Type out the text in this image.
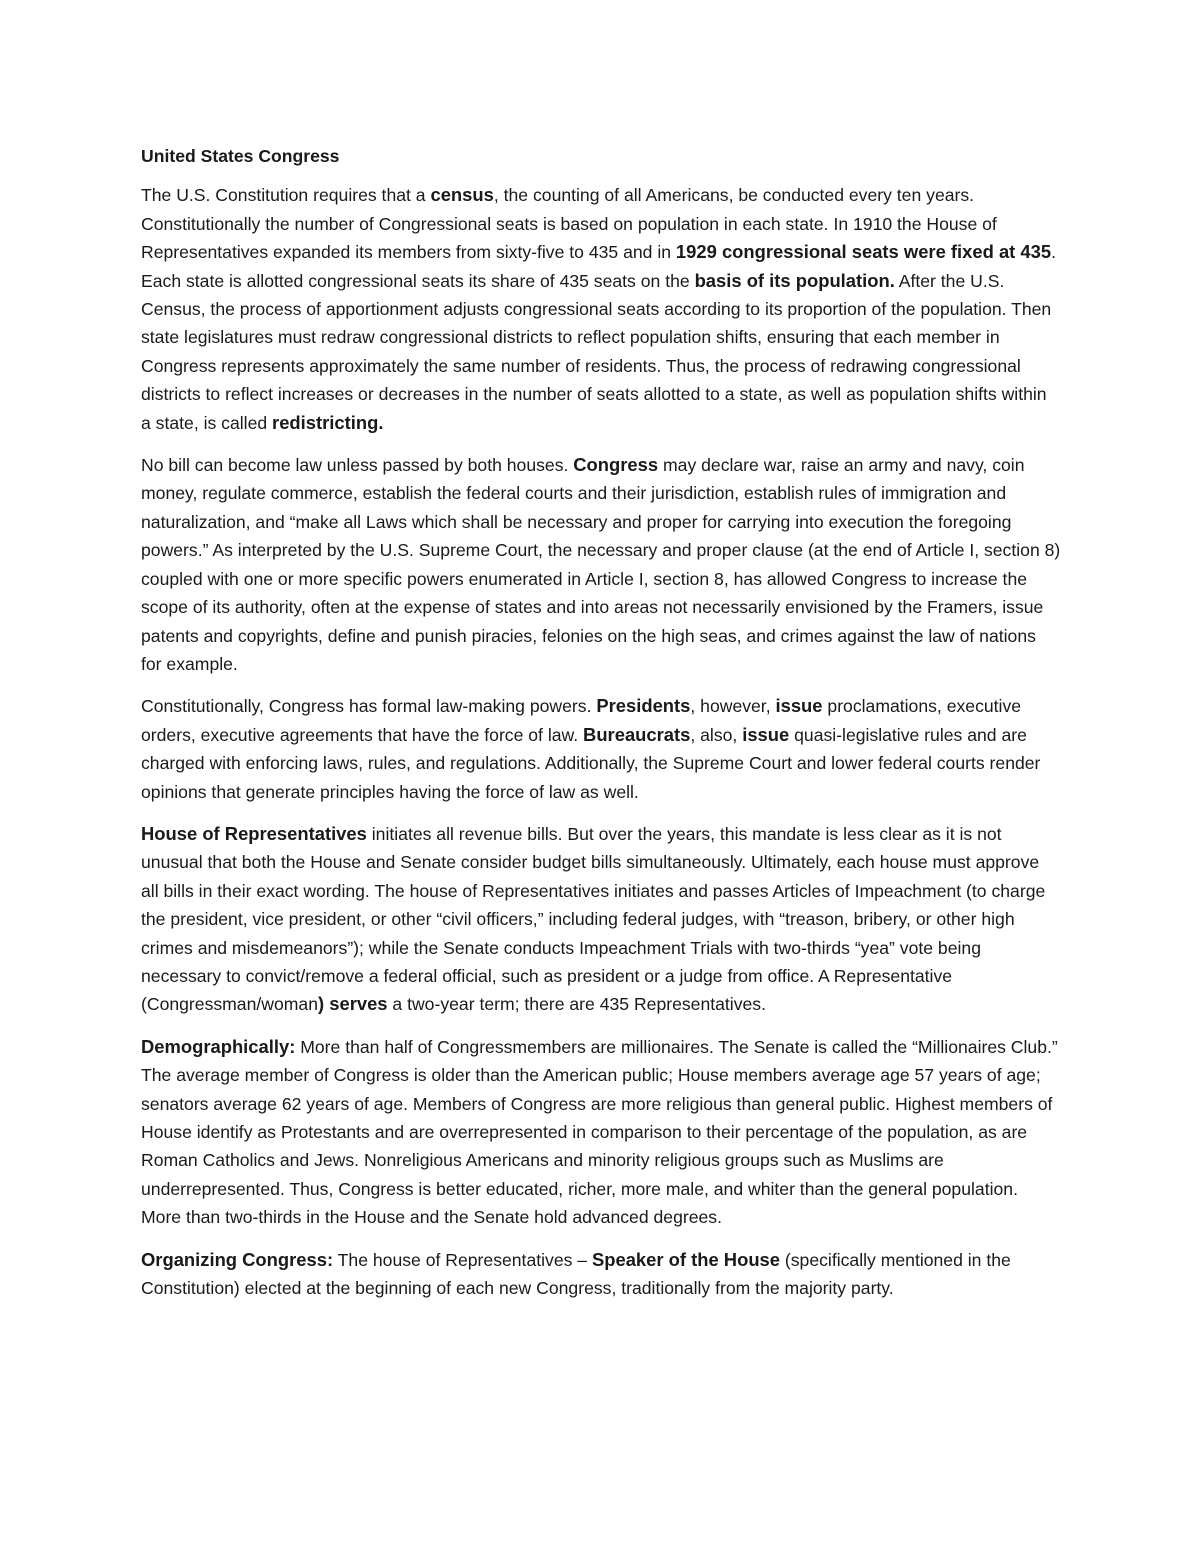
United States Congress

The U.S. Constitution requires that a census, the counting of all Americans, be conducted every ten years. Constitutionally the number of Congressional seats is based on population in each state. In 1910 the House of Representatives expanded its members from sixty-five to 435 and in 1929 congressional seats were fixed at 435. Each state is allotted congressional seats its share of 435 seats on the basis of its population. After the U.S. Census, the process of apportionment adjusts congressional seats according to its proportion of the population. Then state legislatures must redraw congressional districts to reflect population shifts, ensuring that each member in Congress represents approximately the same number of residents. Thus, the process of redrawing congressional districts to reflect increases or decreases in the number of seats allotted to a state, as well as population shifts within a state, is called redistricting.

No bill can become law unless passed by both houses. Congress may declare war, raise an army and navy, coin money, regulate commerce, establish the federal courts and their jurisdiction, establish rules of immigration and naturalization, and “make all Laws which shall be necessary and proper for carrying into execution the foregoing powers.” As interpreted by the U.S. Supreme Court, the necessary and proper clause (at the end of Article I, section 8) coupled with one or more specific powers enumerated in Article I, section 8, has allowed Congress to increase the scope of its authority, often at the expense of states and into areas not necessarily envisioned by the Framers, issue patents and copyrights, define and punish piracies, felonies on the high seas, and crimes against the law of nations for example.

Constitutionally, Congress has formal law-making powers. Presidents, however, issue proclamations, executive orders, executive agreements that have the force of law. Bureaucrats, also, issue quasi-legislative rules and are charged with enforcing laws, rules, and regulations. Additionally, the Supreme Court and lower federal courts render opinions that generate principles having the force of law as well.

House of Representatives initiates all revenue bills. But over the years, this mandate is less clear as it is not unusual that both the House and Senate consider budget bills simultaneously. Ultimately, each house must approve all bills in their exact wording. The house of Representatives initiates and passes Articles of Impeachment (to charge the president, vice president, or other “civil officers,” including federal judges, with “treason, bribery, or other high crimes and misdemeanors”); while the Senate conducts Impeachment Trials with two-thirds “yea” vote being necessary to convict/remove a federal official, such as president or a judge from office. A Representative (Congressman/woman) serves a two-year term; there are 435 Representatives.

Demographically: More than half of Congressmembers are millionaires. The Senate is called the “Millionaires Club.” The average member of Congress is older than the American public; House members average age 57 years of age; senators average 62 years of age. Members of Congress are more religious than general public. Highest members of House identify as Protestants and are overrepresented in comparison to their percentage of the population, as are Roman Catholics and Jews. Nonreligious Americans and minority religious groups such as Muslims are underrepresented. Thus, Congress is better educated, richer, more male, and whiter than the general population. More than two-thirds in the House and the Senate hold advanced degrees.

Organizing Congress: The house of Representatives – Speaker of the House (specifically mentioned in the Constitution) elected at the beginning of each new Congress, traditionally from the majority party.
